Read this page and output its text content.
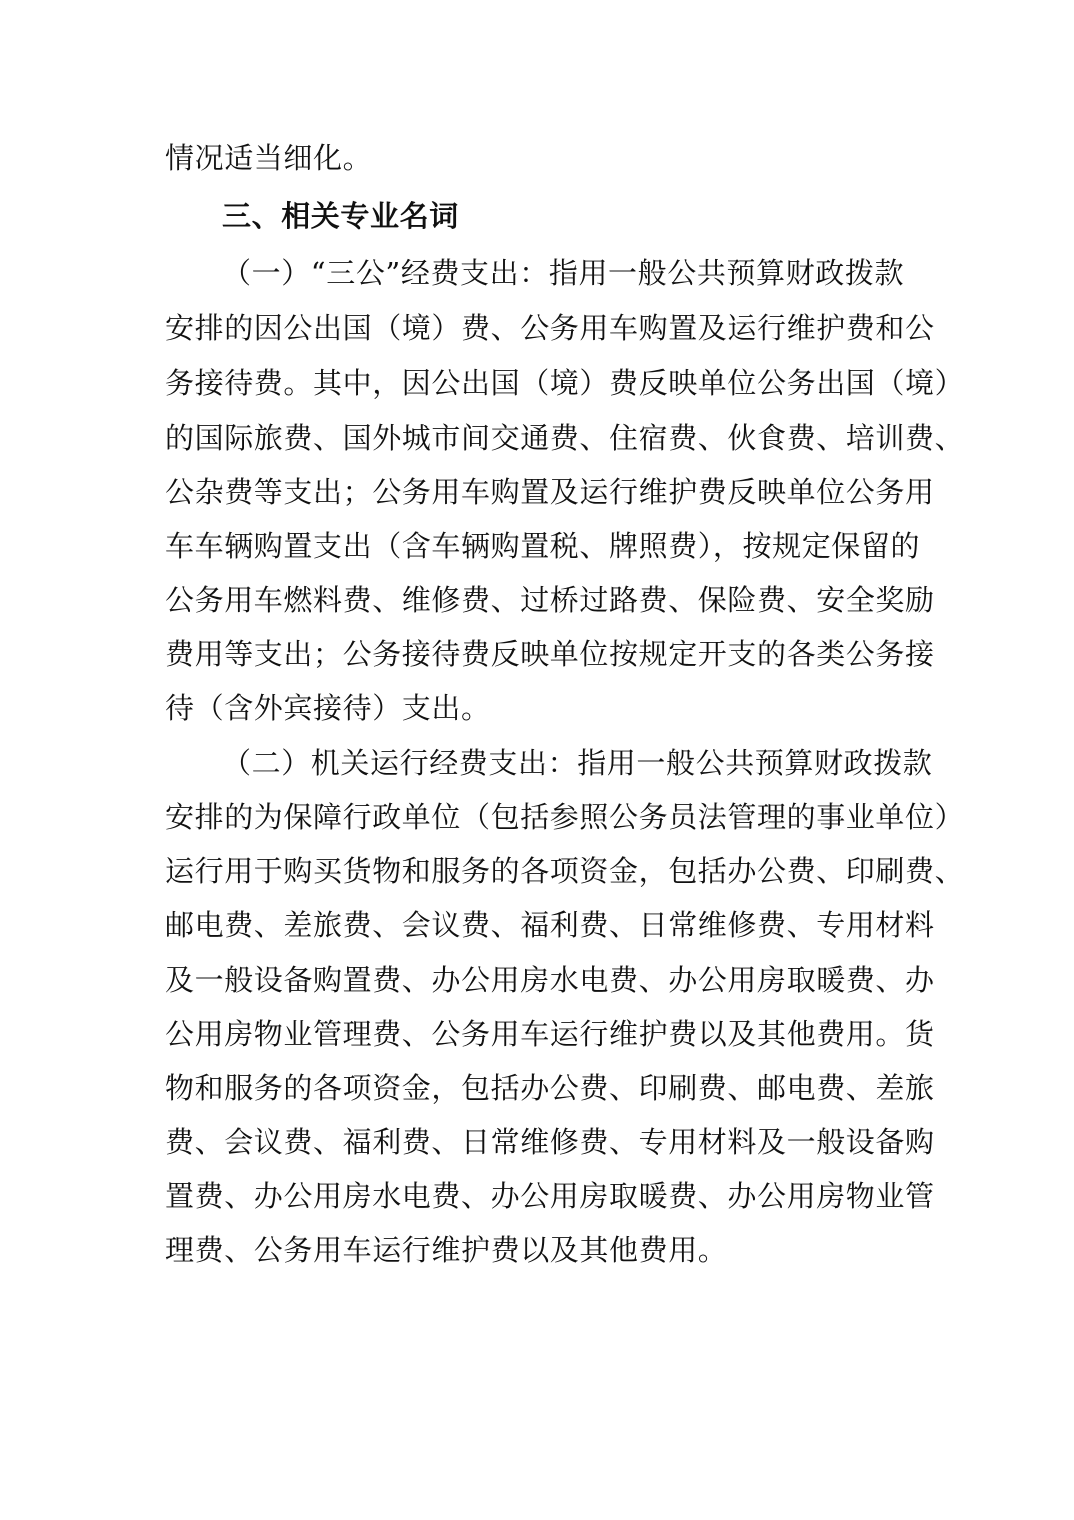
情况适当细化。
三、相关专业名词
（一）“三公”经费支出：指用一般公共预算财政拨款
安排的因公出国（境）费、公务用车购置及运行维护费和公
务接待费。其中，因公出国（境）费反映单位公务出国（境）
的国际旅费、国外城市间交通费、住宿费、伙食费、培训费、
公杂费等支出；公务用车购置及运行维护费反映单位公务用
车车辆购置支出（含车辆购置税、牌照费），按规定保留的
公务用车燃料费、维修费、过桥过路费、保险费、安全奖励
费用等支出；公务接待费反映单位按规定开支的各类公务接
待（含外宾接待）支出。
（二）机关运行经费支出：指用一般公共预算财政拨款
安排的为保障行政单位（包括参照公务员法管理的事业单位）
运行用于购买货物和服务的各项资金，包括办公费、印刷费、
邮电费、差旅费、会议费、福利费、日常维修费、专用材料
及一般设备购置费、办公用房水电费、办公用房取暖费、办
公用房物业管理费、公务用车运行维护费以及其他费用。货
物和服务的各项资金，包括办公费、印刷费、邮电费、差旅
费、会议费、福利费、日常维修费、专用材料及一般设备购
置费、办公用房水电费、办公用房取暖费、办公用房物业管
理费、公务用车运行维护费以及其他费用。
